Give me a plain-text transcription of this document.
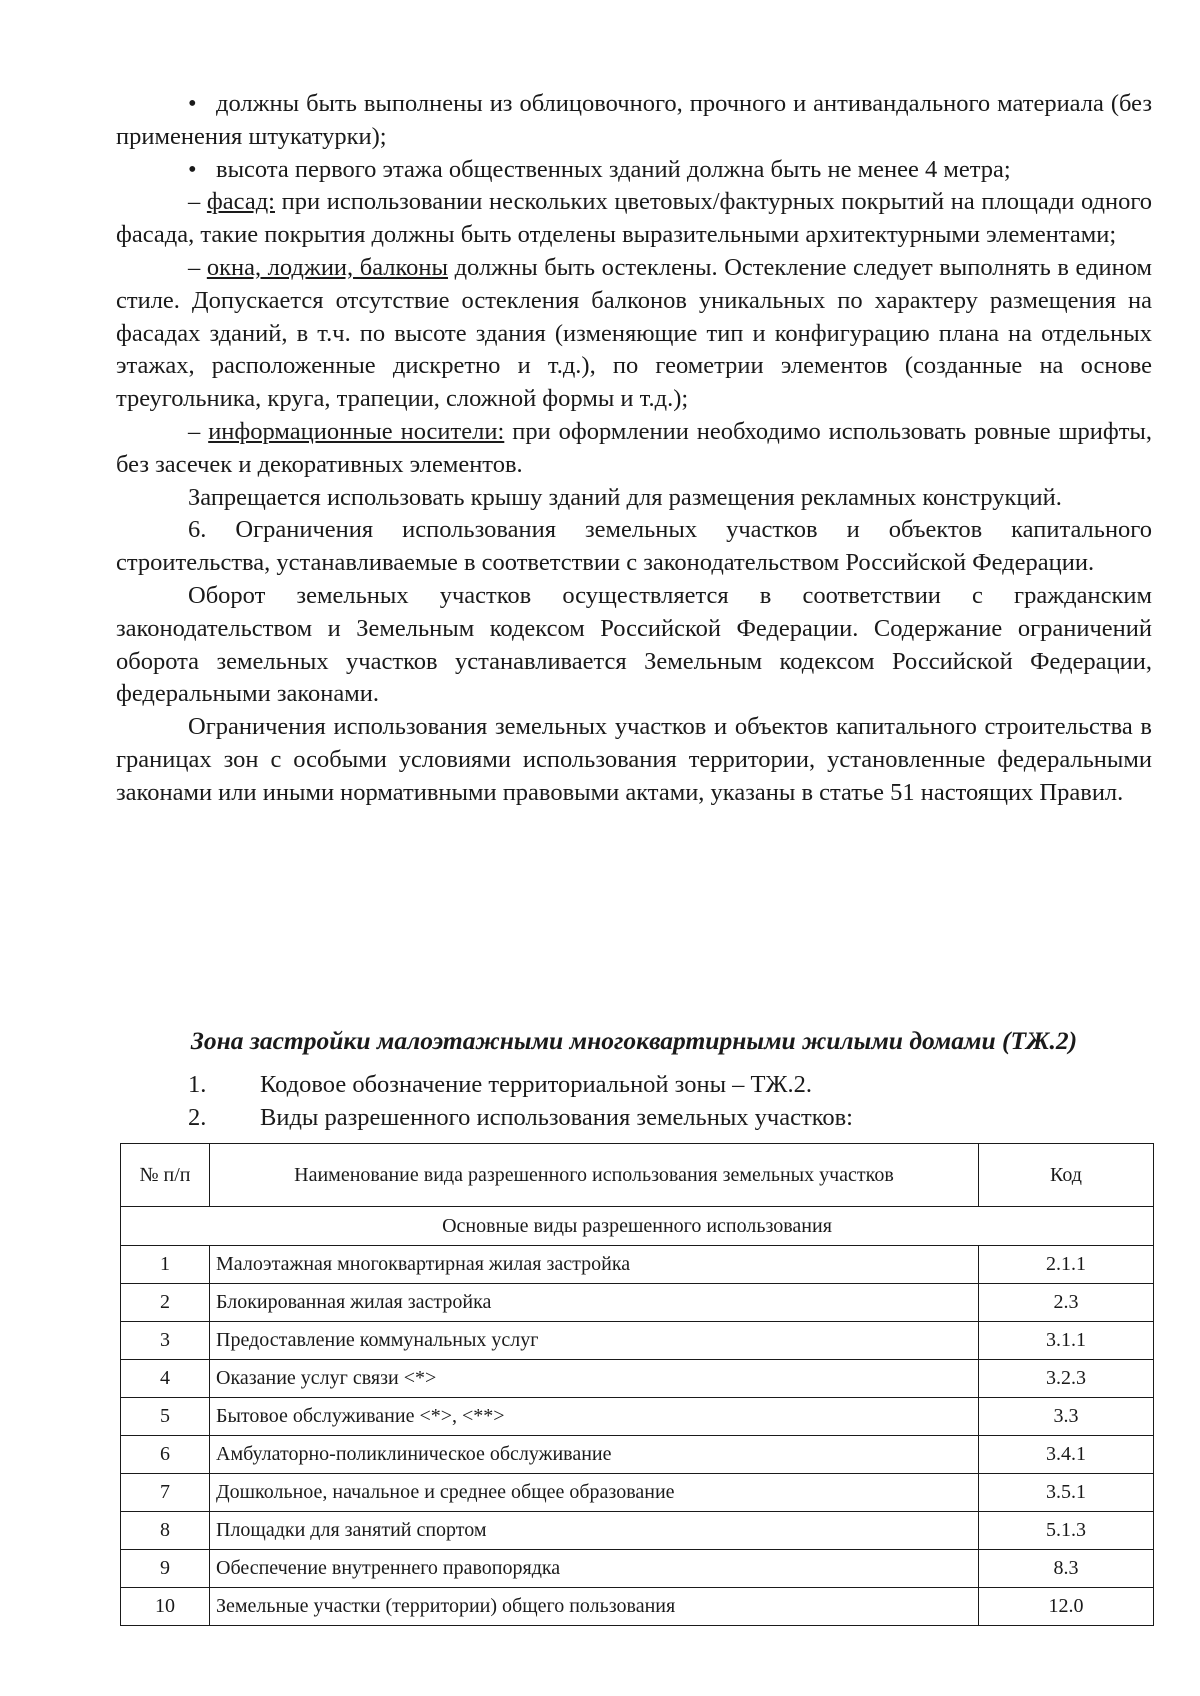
• должны быть выполнены из облицовочного, прочного и антивандального материала (без применения штукатурки);

• высота первого этажа общественных зданий должна быть не менее 4 метра;

– фасад: при использовании нескольких цветовых/фактурных покрытий на площади одного фасада, такие покрытия должны быть отделены выразительными архитектурными элементами;

– окна, лоджии, балконы должны быть остеклены. Остекление следует выполнять в едином стиле. Допускается отсутствие остекления балконов уникальных по характеру размещения на фасадах зданий, в т.ч. по высоте здания (изменяющие тип и конфигурацию плана на отдельных этажах, расположенные дискретно и т.д.), по геометрии элементов (созданные на основе треугольника, круга, трапеции, сложной формы и т.д.);

– информационные носители: при оформлении необходимо использовать ровные шрифты, без засечек и декоративных элементов.

Запрещается использовать крышу зданий для размещения рекламных конструкций.

6. Ограничения использования земельных участков и объектов капитального строительства, устанавливаемые в соответствии с законодательством Российской Федерации.

Оборот земельных участков осуществляется в соответствии с гражданским законодательством и Земельным кодексом Российской Федерации. Содержание ограничений оборота земельных участков устанавливается Земельным кодексом Российской Федерации, федеральными законами.

Ограничения использования земельных участков и объектов капитального строительства в границах зон с особыми условиями использования территории, установленные федеральными законами или иными нормативными правовыми актами, указаны в статье 51 настоящих Правил.

Зона застройки малоэтажными многоквартирными жилыми домами (ТЖ.2)

1. Кодовое обозначение территориальной зоны – ТЖ.2.

2. Виды разрешенного использования земельных участков:

№ п/п	Наименование вида разрешенного использования земельных участков	Код
Основные виды разрешенного использования		
1	Малоэтажная многоквартирная жилая застройка	2.1.1
2	Блокированная жилая застройка	2.3
3	Предоставление коммунальных услуг	3.1.1
4	Оказание услуг связи <*>	3.2.3
5	Бытовое обслуживание <*>, <**>	3.3
6	Амбулаторно-поликлиническое обслуживание	3.4.1
7	Дошкольное, начальное и среднее общее образование	3.5.1
8	Площадки для занятий спортом	5.1.3
9	Обеспечение внутреннего правопорядка	8.3
10	Земельные участки (территории) общего пользования	12.0
